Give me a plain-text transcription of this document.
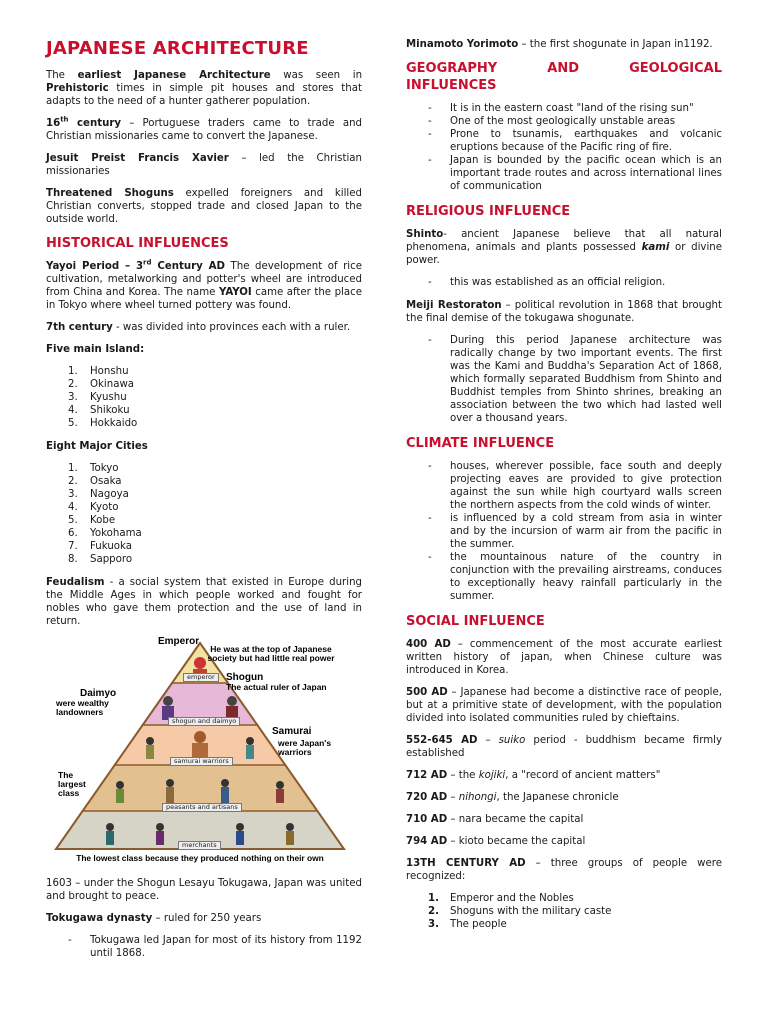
JAPANESE ARCHITECTURE

The earliest Japanese Architecture was seen in Prehistoric times in simple pit houses and stores that adapts to the need of a hunter gatherer population.

16th century – Portuguese traders came to trade and Christian missionaries came to convert the Japanese.

Jesuit Preist Francis Xavier – led the Christian missionaries

Threatened Shoguns expelled foreigners and killed Christian converts, stopped trade and closed Japan to the outside world.

HISTORICAL INFLUENCES

Yayoi Period – 3rd Century AD The development of rice cultivation, metalworking and potter's wheel are introduced from China and Korea. The name YAYOI came after the place in Tokyo where wheel turned pottery was found.

7th century - was divided into provinces each with a ruler.

Five main Island:

1.	Honshu
2.	Okinawa
3.	Kyushu
4.	Shikoku
5.	Hokkaido

Eight Major Cities

1.	Tokyo
2.	Osaka
3.	Nagoya
4.	Kyoto
5.	Kobe
6.	Yokohama
7.	Fukuoka
8.	Sapporo

Feudalism - a social system that existed in Europe during the Middle Ages in which people worked and fought for nobles who gave them protection and the use of land in return.

Emperor
He was at the top of Japanese society but had little real power
Shogun
The actual ruler of Japan
Daimyo
were wealthy landowners
Samurai
were Japan's warriors
The largest class
emperor
shogun and daimyo
samurai warriors
peasants and artisans
merchants
The lowest class because they produced nothing on their own

1603 – under the Shogun Lesayu Tokugawa, Japan was united and brought to peace.

Tokugawa dynasty – ruled for 250 years

-	Tokugawa led Japan for most of its history from 1192 until 1868.

Minamoto Yorimoto – the first shogunate in Japan in1192.

GEOGRAPHY	AND	GEOLOGICAL
INFLUENCES
-	It is in the eastern coast "land of the rising sun"
-	One of the most geologically unstable areas
-	Prone to tsunamis, earthquakes and volcanic eruptions because of the Pacific ring of fire.
-	Japan is bounded by the pacific ocean which is an important trade routes and across international lines of communication
RELIGIOUS INFLUENCE

Shinto- ancient Japanese believe that all natural phenomena, animals and plants possessed kami or divine power.

-	this was established as an official religion.

Meiji Restoraton – political revolution in 1868 that brought the final demise of the tokugawa shogunate.

-	During this period Japanese architecture was radically change by two important events. The first was the Kami and Buddha's Separation Act of 1868, which formally separated Buddhism from Shinto and Buddhist temples from Shinto shrines, breaking an association between the two which had lasted well over a thousand years.
CLIMATE INFLUENCE
-	houses, wherever possible, face south and deeply projecting eaves are provided to give protection against the sun while high courtyard walls screen the northern aspects from the cold winds of winter.
-	is influenced by a cold stream from asia in winter and by the incursion of warm air from the pacific in the summer.
-	the mountainous nature of the country in conjunction with the prevailing airstreams, conduces to exceptionally heavy rainfall particularly in the summer.
SOCIAL INFLUENCE

400 AD – commencement of the most accurate earliest written history of japan, when Chinese culture was introduced in Korea.

500 AD – Japanese had become a distinctive race of people, but at a primitive state of development, with the population divided into isolated communities ruled by chieftains.

552-645 AD – suiko period - buddhism became firmly established

712 AD – the kojiki, a "record of ancient matters"

720 AD – nihongi, the Japanese chronicle

710 AD – nara became the capital

794 AD – kioto became the capital

13TH CENTURY AD – three groups of people were recognized:

1.	Emperor and the Nobles
2.	Shoguns with the military caste
3.	The people
